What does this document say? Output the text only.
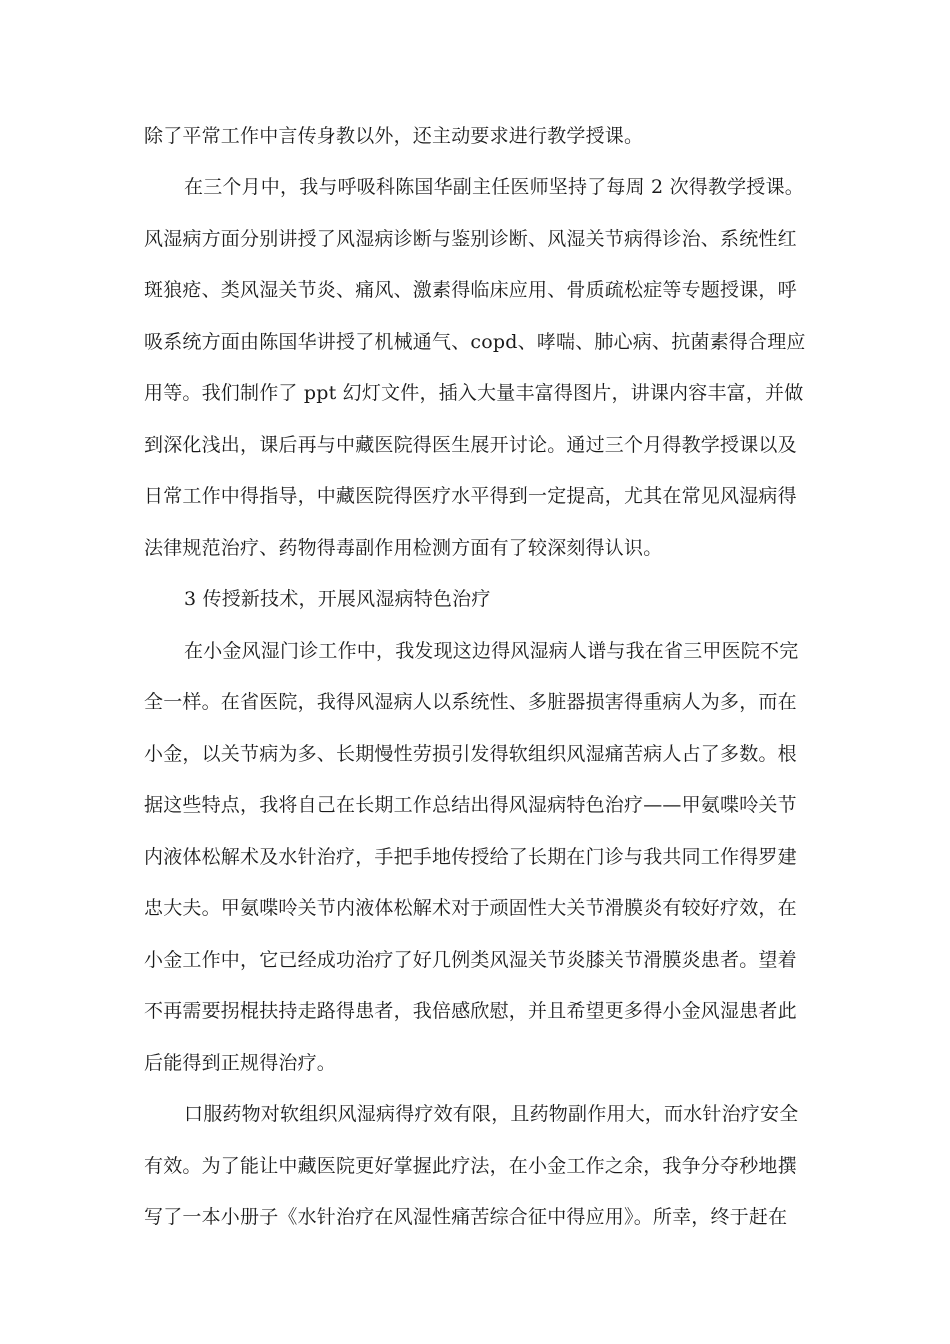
除了平常工作中言传身教以外，还主动要求进行教学授课。
在三个月中，我与呼吸科陈国华副主任医师坚持了每周 2 次得教学授课。
风湿病方面分别讲授了风湿病诊断与鉴别诊断、风湿关节病得诊治、系统性红
斑狼疮、类风湿关节炎、痛风、激素得临床应用、骨质疏松症等专题授课，呼
吸系统方面由陈国华讲授了机械通气、copd、哮喘、肺心病、抗菌素得合理应
用等。我们制作了 ppt 幻灯文件，插入大量丰富得图片，讲课内容丰富，并做
到深化浅出，课后再与中藏医院得医生展开讨论。通过三个月得教学授课以及
日常工作中得指导，中藏医院得医疗水平得到一定提高，尤其在常见风湿病得
法律规范治疗、药物得毒副作用检测方面有了较深刻得认识。
3 传授新技术，开展风湿病特色治疗
在小金风湿门诊工作中，我发现这边得风湿病人谱与我在省三甲医院不完
全一样。在省医院，我得风湿病人以系统性、多脏器损害得重病人为多，而在
小金，以关节病为多、长期慢性劳损引发得软组织风湿痛苦病人占了多数。根
据这些特点，我将自己在长期工作总结出得风湿病特色治疗——甲氨喋呤关节
内液体松解术及水针治疗，手把手地传授给了长期在门诊与我共同工作得罗建
忠大夫。甲氨喋呤关节内液体松解术对于顽固性大关节滑膜炎有较好疗效，在
小金工作中，它已经成功治疗了好几例类风湿关节炎膝关节滑膜炎患者。望着
不再需要拐棍扶持走路得患者，我倍感欣慰，并且希望更多得小金风湿患者此
后能得到正规得治疗。
口服药物对软组织风湿病得疗效有限，且药物副作用大，而水针治疗安全
有效。为了能让中藏医院更好掌握此疗法，在小金工作之余，我争分夺秒地撰
写了一本小册子《水针治疗在风湿性痛苦综合征中得应用》。所幸，终于赶在
